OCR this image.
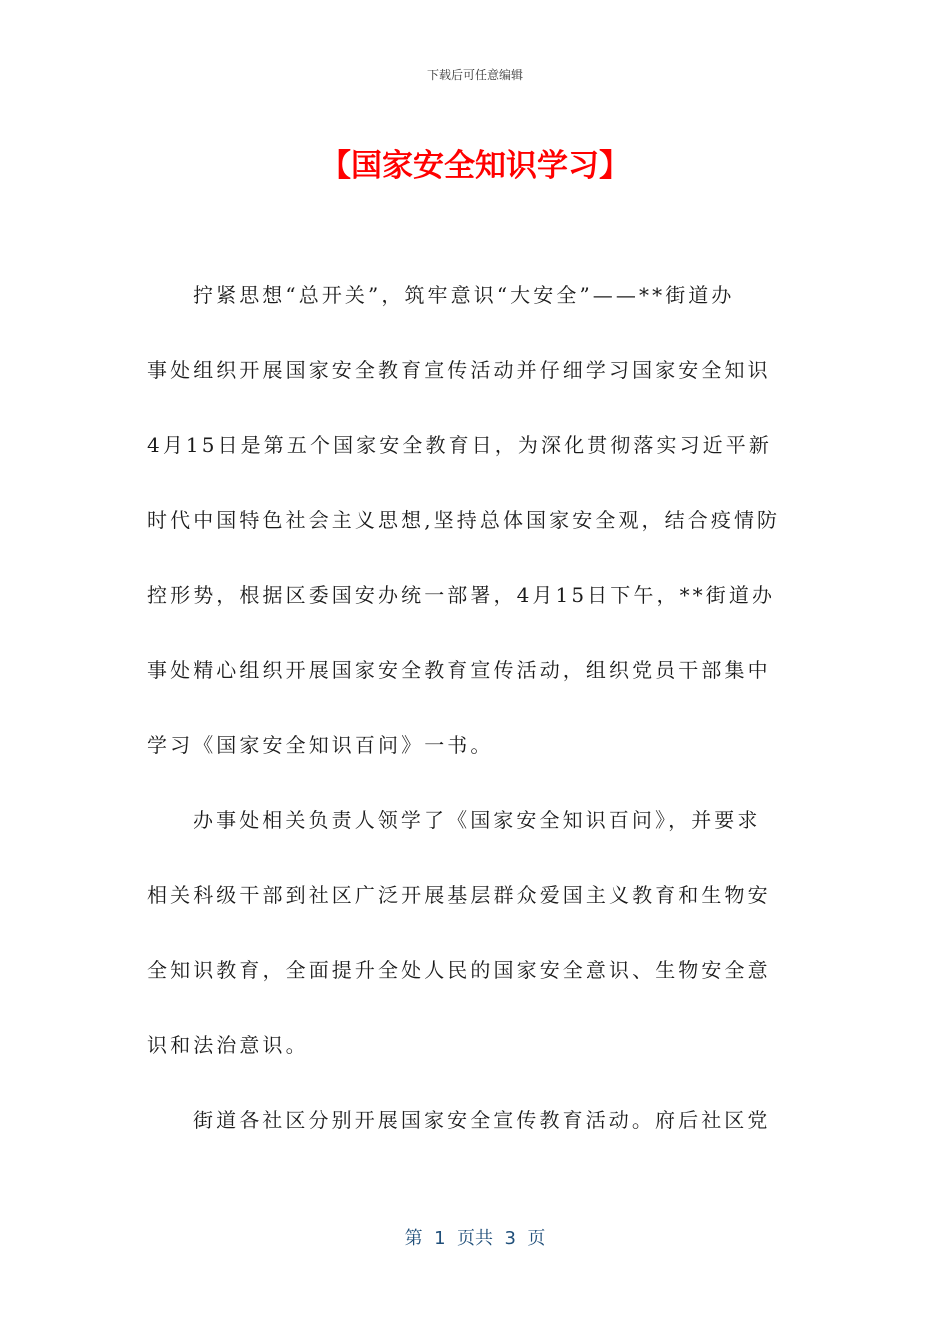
下载后可任意编辑
【国家安全知识学习】
拧紧思想“总开关”，筑牢意识“大安全”——**街道办
事处组织开展国家安全教育宣传活动并仔细学习国家安全知识
4月15日是第五个国家安全教育日，为深化贯彻落实习近平新
时代中国特色社会主义思想,坚持总体国家安全观，结合疫情防
控形势，根据区委国安办统一部署，4月15日下午，**街道办
事处精心组织开展国家安全教育宣传活动，组织党员干部集中
学习《国家安全知识百问》一书。
办事处相关负责人领学了《国家安全知识百问》，并要求
相关科级干部到社区广泛开展基层群众爱国主义教育和生物安
全知识教育，全面提升全处人民的国家安全意识、生物安全意
识和法治意识。
街道各社区分别开展国家安全宣传教育活动。府后社区党
第  1  页共  3  页
